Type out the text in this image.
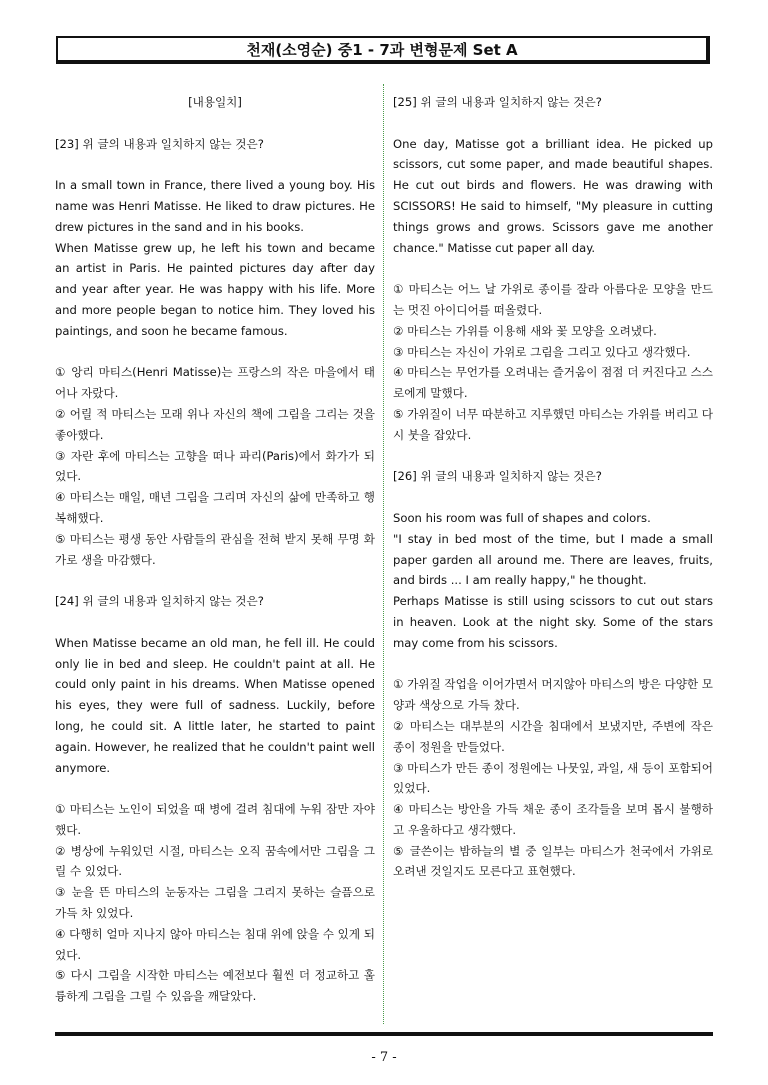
천재(소영순) 중1 - 7과 변형문제 Set A

[내용일치]

[23] 위 글의 내용과 일치하지 않는 것은?

In a small town in France, there lived a young boy. His name was Henri Matisse. He liked to draw pictures. He drew pictures in the sand and in his books.

When Matisse grew up, he left his town and became an artist in Paris. He painted pictures day after day and year after year. He was happy with his life. More and more people began to notice him. They loved his paintings, and soon he became famous.

① 앙리 마티스(Henri Matisse)는 프랑스의 작은 마을에서 태어나 자랐다.

② 어릴 적 마티스는 모래 위나 자신의 책에 그림을 그리는 것을 좋아했다.

③ 자란 후에 마티스는 고향을 떠나 파리(Paris)에서 화가가 되었다.

④ 마티스는 매일, 매년 그림을 그리며 자신의 삶에 만족하고 행복해했다.

⑤ 마티스는 평생 동안 사람들의 관심을 전혀 받지 못해 무명 화가로 생을 마감했다.

[24] 위 글의 내용과 일치하지 않는 것은?

When Matisse became an old man, he fell ill. He could only lie in bed and sleep. He couldn't paint at all. He could only paint in his dreams. When Matisse opened his eyes, they were full of sadness. Luckily, before long, he could sit. A little later, he started to paint again. However, he realized that he couldn't paint well anymore.

① 마티스는 노인이 되었을 때 병에 걸려 침대에 누워 잠만 자야 했다.

② 병상에 누워있던 시절, 마티스는 오직 꿈속에서만 그림을 그릴 수 있었다.

③ 눈을 뜬 마티스의 눈동자는 그림을 그리지 못하는 슬픔으로 가득 차 있었다.

④ 다행히 얼마 지나지 않아 마티스는 침대 위에 앉을 수 있게 되었다.

⑤ 다시 그림을 시작한 마티스는 예전보다 훨씬 더 정교하고 훌륭하게 그림을 그릴 수 있음을 깨달았다.

[25] 위 글의 내용과 일치하지 않는 것은?

One day, Matisse got a brilliant idea. He picked up scissors, cut some paper, and made beautiful shapes. He cut out birds and flowers. He was drawing with SCISSORS! He said to himself, "My pleasure in cutting things grows and grows. Scissors gave me another chance." Matisse cut paper all day.

① 마티스는 어느 날 가위로 종이를 잘라 아름다운 모양을 만드는 멋진 아이디어를 떠올렸다.

② 마티스는 가위를 이용해 새와 꽃 모양을 오려냈다.

③ 마티스는 자신이 가위로 그림을 그리고 있다고 생각했다.

④ 마티스는 무언가를 오려내는 즐거움이 점점 더 커진다고 스스로에게 말했다.

⑤ 가위질이 너무 따분하고 지루했던 마티스는 가위를 버리고 다시 붓을 잡았다.

[26] 위 글의 내용과 일치하지 않는 것은?

Soon his room was full of shapes and colors.

"I stay in bed most of the time, but I made a small paper garden all around me. There are leaves, fruits, and birds ... I am really happy," he thought.

Perhaps Matisse is still using scissors to cut out stars in heaven. Look at the night sky. Some of the stars may come from his scissors.

① 가위질 작업을 이어가면서 머지않아 마티스의 방은 다양한 모양과 색상으로 가득 찼다.

② 마티스는 대부분의 시간을 침대에서 보냈지만, 주변에 작은 종이 정원을 만들었다.

③ 마티스가 만든 종이 정원에는 나뭇잎, 과일, 새 등이 포함되어 있었다.

④ 마티스는 방안을 가득 채운 종이 조각들을 보며 몹시 불행하고 우울하다고 생각했다.

⑤ 글쓴이는 밤하늘의 별 중 일부는 마티스가 천국에서 가위로 오려낸 것일지도 모른다고 표현했다.

- 7 -
